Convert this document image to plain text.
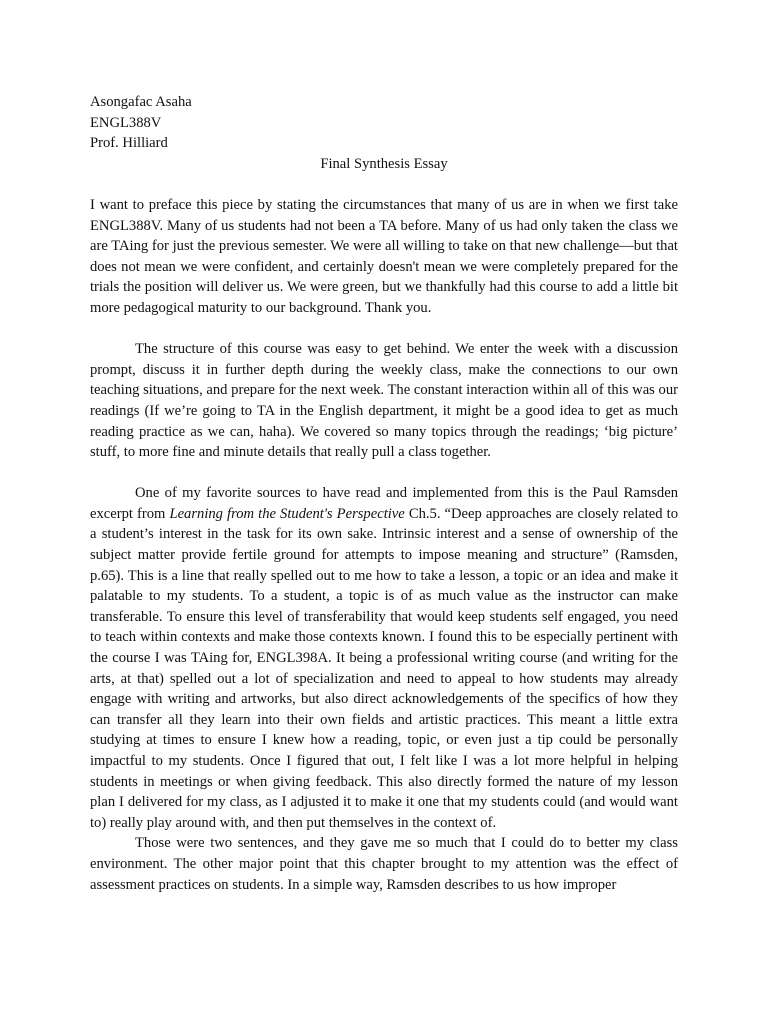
Asongafac Asaha
ENGL388V
Prof. Hilliard
Final Synthesis Essay

I want to preface this piece by stating the circumstances that many of us are in when we first take ENGL388V. Many of us students had not been a TA before. Many of us had only taken the class we are TAing for just the previous semester. We were all willing to take on that new challenge—but that does not mean we were confident, and certainly doesn't mean we were completely prepared for the trials the position will deliver us. We were green, but we thankfully had this course to add a little bit more pedagogical maturity to our background. Thank you.

The structure of this course was easy to get behind. We enter the week with a discussion prompt, discuss it in further depth during the weekly class, make the connections to our own teaching situations, and prepare for the next week. The constant interaction within all of this was our readings (If we’re going to TA in the English department, it might be a good idea to get as much reading practice as we can, haha). We covered so many topics through the readings; ‘big picture’ stuff, to more fine and minute details that really pull a class together.

One of my favorite sources to have read and implemented from this is the Paul Ramsden excerpt from Learning from the Student's Perspective Ch.5. “Deep approaches are closely related to a student’s interest in the task for its own sake. Intrinsic interest and a sense of ownership of the subject matter provide fertile ground for attempts to impose meaning and structure” (Ramsden, p.65). This is a line that really spelled out to me how to take a lesson, a topic or an idea and make it palatable to my students. To a student, a topic is of as much value as the instructor can make transferable. To ensure this level of transferability that would keep students self engaged, you need to teach within contexts and make those contexts known. I found this to be especially pertinent with the course I was TAing for, ENGL398A. It being a professional writing course (and writing for the arts, at that) spelled out a lot of specialization and need to appeal to how students may already engage with writing and artworks, but also direct acknowledgements of the specifics of how they can transfer all they learn into their own fields and artistic practices. This meant a little extra studying at times to ensure I knew how a reading, topic, or even just a tip could be personally impactful to my students. Once I figured that out, I felt like I was a lot more helpful in helping students in meetings or when giving feedback. This also directly formed the nature of my lesson plan I delivered for my class, as I adjusted it to make it one that my students could (and would want to) really play around with, and then put themselves in the context of.

Those were two sentences, and they gave me so much that I could do to better my class environment. The other major point that this chapter brought to my attention was the effect of assessment practices on students. In a simple way, Ramsden describes to us how improper
